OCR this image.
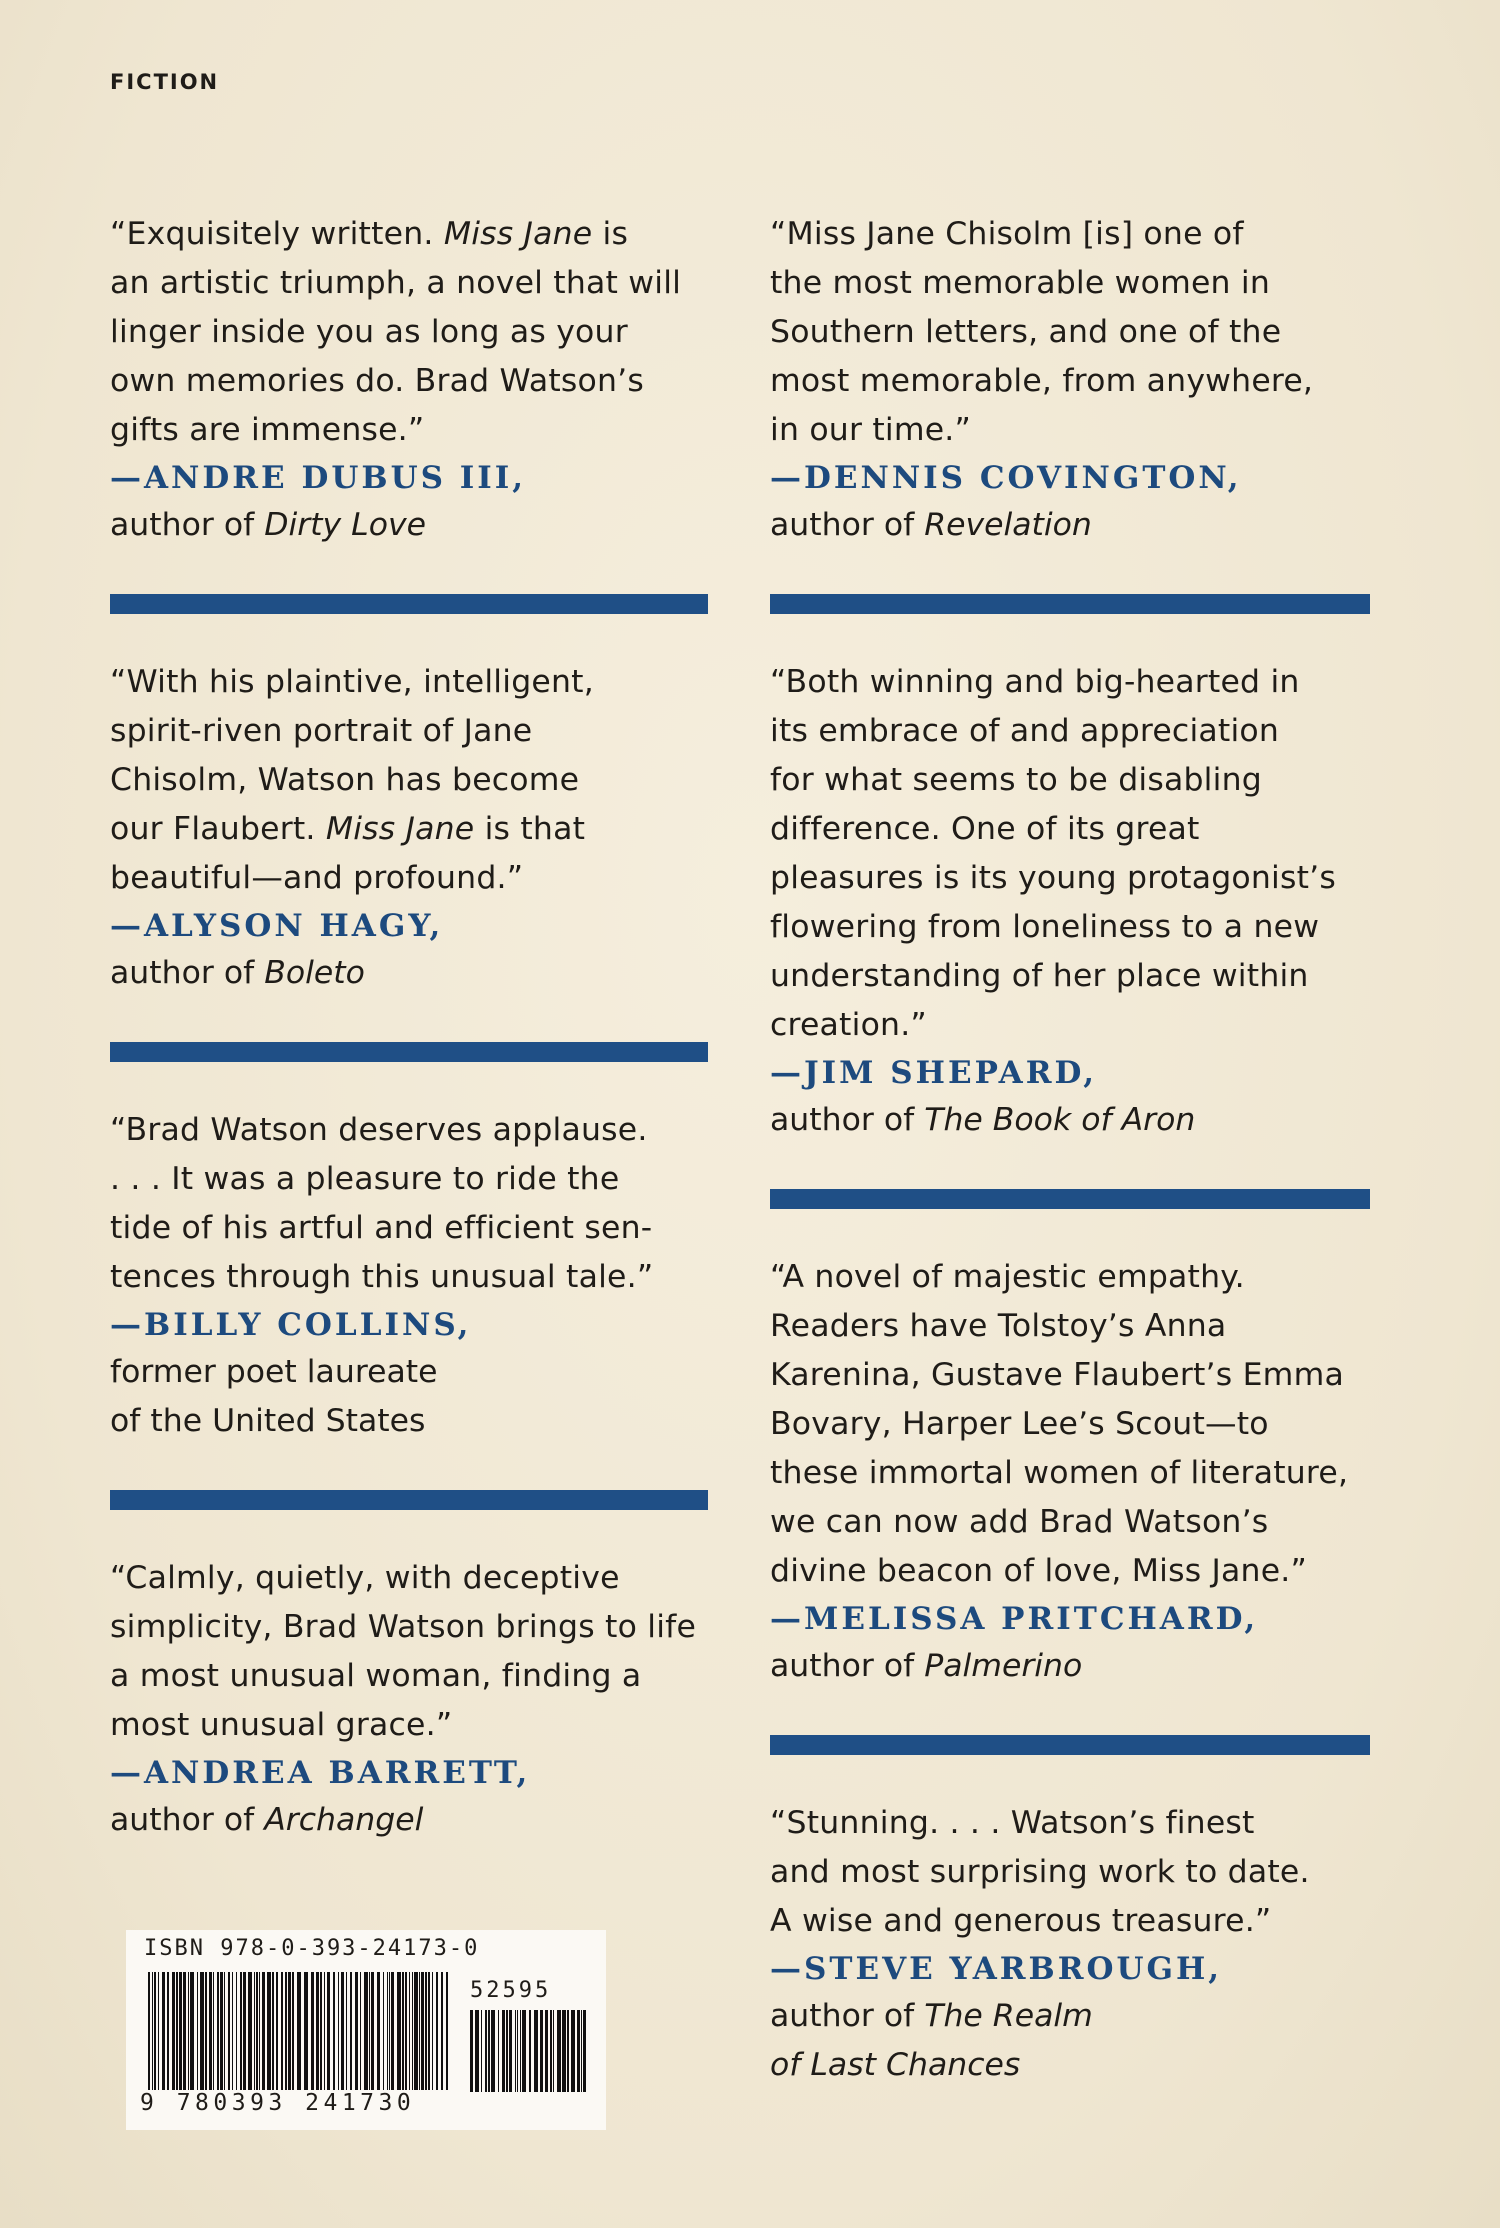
FICTION

“Exquisitely written. Miss Jane is
an artistic triumph, a novel that will
linger inside you as long as your
own memories do. Brad Watson’s
gifts are immense.”

—ANDRE DUBUS III,

author of Dirty Love

“With his plaintive, intelligent,
spirit-riven portrait of Jane
Chisolm, Watson has become
our Flaubert. Miss Jane is that
beautiful—and profound.”

—ALYSON HAGY,

author of Boleto

“Brad Watson deserves applause.
. . . It was a pleasure to ride the
tide of his artful and efficient sen-
tences through this unusual tale.”

—BILLY COLLINS,

former poet laureate
of the United States

“Calmly, quietly, with deceptive
simplicity, Brad Watson brings to life
a most unusual woman, finding a
most unusual grace.”

—ANDREA BARRETT,

author of Archangel

“Miss Jane Chisolm [is] one of
the most memorable women in
Southern letters, and one of the
most memorable, from anywhere,
in our time.”

—DENNIS COVINGTON,

author of Revelation

“Both winning and big-hearted in
its embrace of and appreciation
for what seems to be disabling
difference. One of its great
pleasures is its young protagonist’s
flowering from loneliness to a new
understanding of her place within
creation.”

—JIM SHEPARD,

author of The Book of Aron

“A novel of majestic empathy.
Readers have Tolstoy’s Anna
Karenina, Gustave Flaubert’s Emma
Bovary, Harper Lee’s Scout—to
these immortal women of literature,
we can now add Brad Watson’s
divine beacon of love, Miss Jane.”

—MELISSA PRITCHARD,

author of Palmerino

“Stunning. . . . Watson’s finest
and most surprising work to date.
A wise and generous treasure.”

—STEVE YARBROUGH,

author of The Realm
of Last Chances

ISBN 978-0-393-24173-0
52595
9 780393 241730
